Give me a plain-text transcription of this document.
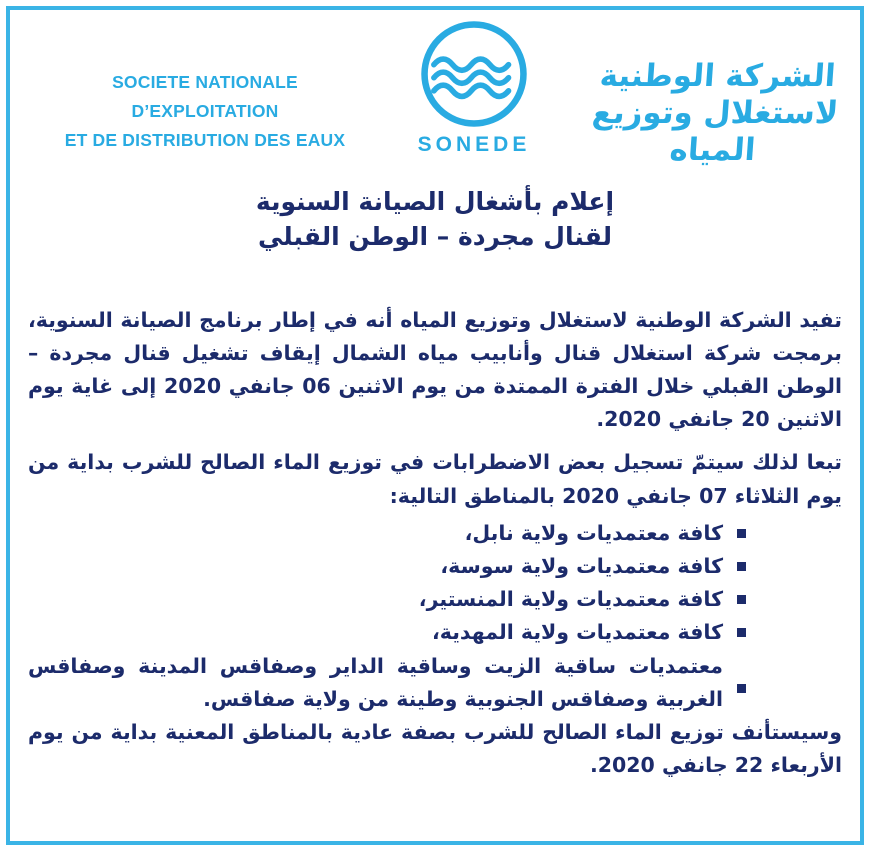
SOCIETE NATIONALE D’EXPLOITATION
ET DE DISTRIBUTION DES EAUX	SONEDE
الشركة الوطنية لاستغلال وتوزيع المياه
إعلام بأشغال الصيانة السنوية
لقنال مجردة – الوطن القبلي

تفيد الشركة الوطنية لاستغلال وتوزيع المياه أنه في إطار برنامج الصيانة السنوية، برمجت شركة استغلال قنال وأنابيب مياه الشمال إيقاف تشغيل قنال مجردة – الوطن القبلي خلال الفترة الممتدة من يوم الاثنين 06 جانفي 2020 إلى غاية يوم الاثنين 20 جانفي 2020.

تبعا لذلك سيتمّ تسجيل بعض الاضطرابات في توزيع الماء الصالح للشرب بداية من يوم الثلاثاء 07 جانفي 2020 بالمناطق التالية:

كافة معتمديات ولاية نابل،
كافة معتمديات ولاية سوسة،
كافة معتمديات ولاية المنستير،
كافة معتمديات ولاية المهدية،
معتمديات ساقية الزيت وساقية الداير وصفاقس المدينة وصفاقس الغربية وصفاقس الجنوبية وطينة من ولاية صفاقس.

وسيستأنف توزيع الماء الصالح للشرب بصفة عادية بالمناطق المعنية بداية من يوم الأربعاء 22 جانفي 2020.
